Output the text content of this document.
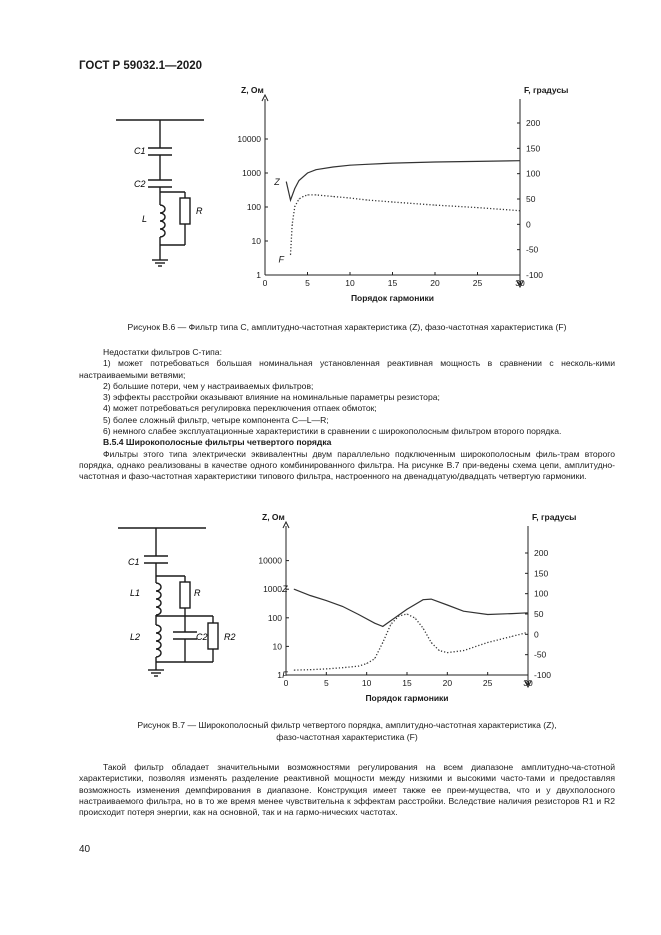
ГОСТ Р 59032.1—2020
C1
C2
L
R
0	5	10	15	20	25	30
10000
1000
100
10
1
200
150
100
50
0
-50
-100
Z, Ом	F, градусы
Порядок гармоники
Z
F
Рисунок В.6 — Фильтр типа С, амплитудно-частотная характеристика (Z), фазо-частотная характеристика (F)

Недостатки фильтров С-типа:

1) может потребоваться большая номинальная установленная реактивная мощность в сравнении с несколь-кими настраиваемыми ветвями;

2) большие потери, чем у настраиваемых фильтров;

3) эффекты расстройки оказывают влияние на номинальные параметры резистора;

4) может потребоваться регулировка переключения отпаек обмоток;

5) более сложный фильтр, четыре компонента С—L—R;

6) немного слабее эксплуатационные характеристики в сравнении с широкополосным фильтром второго порядка.

В.5.4 Широкополосные фильтры четвертого порядка

Фильтры этого типа электрически эквивалентны двум параллельно подключенным широкополосным филь-трам второго порядка, однако реализованы в качестве одного комбинированного фильтра. На рисунке В.7 при-ведены схема цепи, амплитудно-частотная и фазо-частотная характеристики типового фильтра, настроенного на двенадцатую/двадцать четвертую гармоники.

C1
L1	R
L2	C2 R2
0	5	10	15	20	25	30
10000
1000
100
10
1
200
150
100
50
0
-50
-100
Z, Ом	F, градусы
Порядок гармоники
Z
F
Рисунок В.7 — Широкополосный фильтр четвертого порядка, амплитудно-частотная характеристика (Z),
фазо-частотная характеристика (F)

Такой фильтр обладает значительными возможностями регулирования на всем диапазоне амплитудно-ча-стотной характеристики, позволяя изменять разделение реактивной мощности между низкими и высокими часто-тами и предоставляя возможность изменения демпфирования в диапазоне. Конструкция имеет также ее преи-мущества, что и у двухполосного настраиваемого фильтра, но в то же время менее чувствительна к эффектам расстройки. Вследствие наличия резисторов R1 и R2 происходит потеря энергии, как на основной, так и на гармо-нических частотах.

40
